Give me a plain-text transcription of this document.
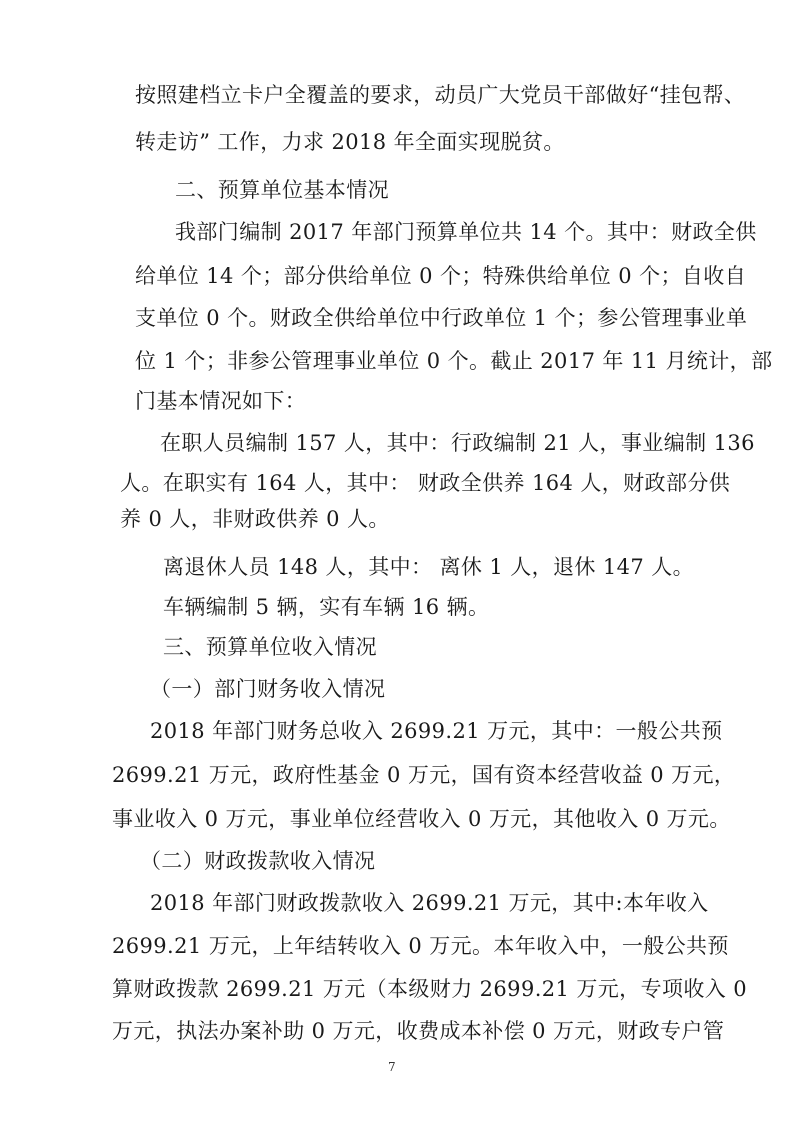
按照建档立卡户全覆盖的要求，动员广大党员干部做好“挂包帮、
转走访” 工作，力求 2018 年全面实现脱贫。
二、预算单位基本情况
我部门编制 2017 年部门预算单位共 14 个。其中：财政全供
给单位 14 个；部分供给单位 0 个；特殊供给单位 0 个；自收自
支单位 0 个。财政全供给单位中行政单位 1 个；参公管理事业单
位 1 个；非参公管理事业单位 0 个。截止 2017 年 11 月统计，部
门基本情况如下：
在职人员编制 157 人，其中：行政编制 21 人，事业编制 136
人。在职实有 164 人，其中： 财政全供养 164 人，财政部分供
养 0 人，非财政供养 0 人。
离退休人员 148 人，其中： 离休 1 人，退休 147 人。
车辆编制 5 辆，实有车辆 16 辆。
三、预算单位收入情况
（一）部门财务收入情况
2018 年部门财务总收入 2699.21 万元，其中：一般公共预
2699.21 万元，政府性基金 0 万元，国有资本经营收益 0 万元，
事业收入 0 万元，事业单位经营收入 0 万元，其他收入 0 万元。
（二）财政拨款收入情况
2018 年部门财政拨款收入 2699.21 万元，其中:本年收入
2699.21 万元，上年结转收入 0 万元。本年收入中，一般公共预
算财政拨款 2699.21 万元（本级财力 2699.21 万元，专项收入 0
万元，执法办案补助 0 万元，收费成本补偿 0 万元，财政专户管
7
